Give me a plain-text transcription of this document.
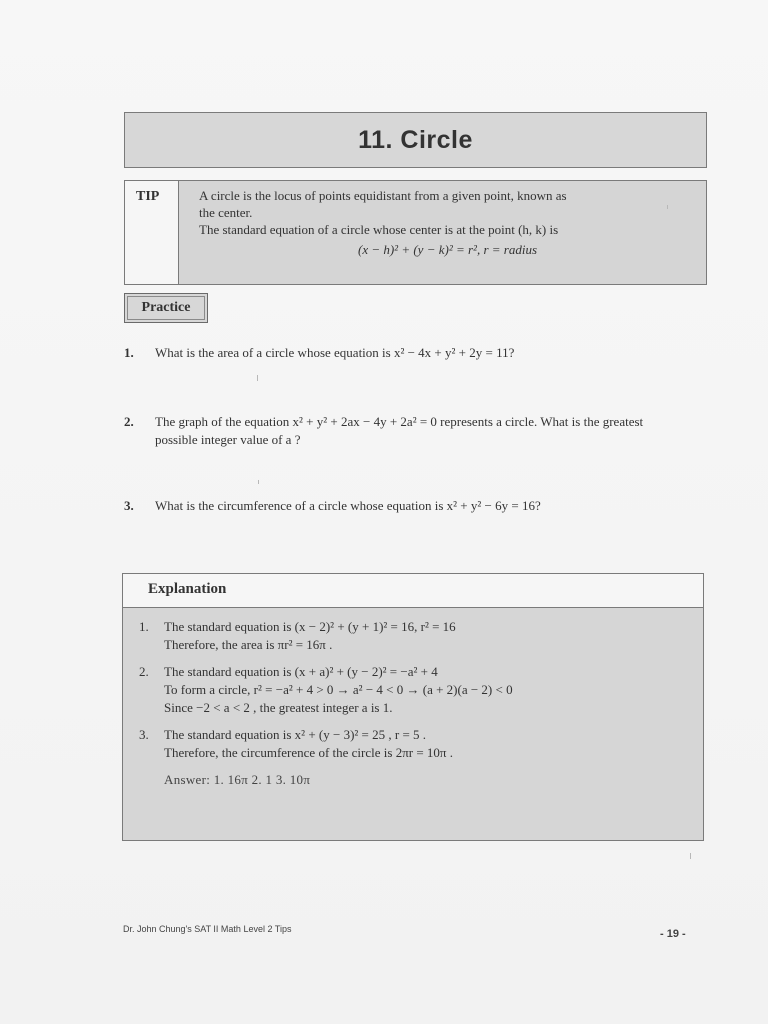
11. Circle
TIP	A circle is the locus of points equidistant from a given point, known as
the center.
The standard equation of a circle whose center is at the point (h, k) is
(x − h)² + (y − k)² = r², r = radius
Practice
1. What is the area of a circle whose equation is x² − 4x + y² + 2y = 11?
2. The graph of the equation x² + y² + 2ax − 4y + 2a² = 0 represents a circle. What is the greatest
possible integer value of a ?
3. What is the circumference of a circle whose equation is x² + y² − 6y = 16?
Explanation
1. The standard equation is (x − 2)² + (y + 1)² = 16, r² = 16
Therefore, the area is πr² = 16π .
2. The standard equation is (x + a)² + (y − 2)² = −a² + 4
To form a circle, r² = −a² + 4 > 0 → a² − 4 < 0 → (a + 2)(a − 2) < 0
Since −2 < a < 2 , the greatest integer a is 1.
3. The standard equation is x² + (y − 3)² = 25 , r = 5 .
Therefore, the circumference of the circle is 2πr = 10π .
Answer: 1. 16π 2. 1 3. 10π
Dr. John Chung's SAT II Math Level 2 Tips	- 19 -
